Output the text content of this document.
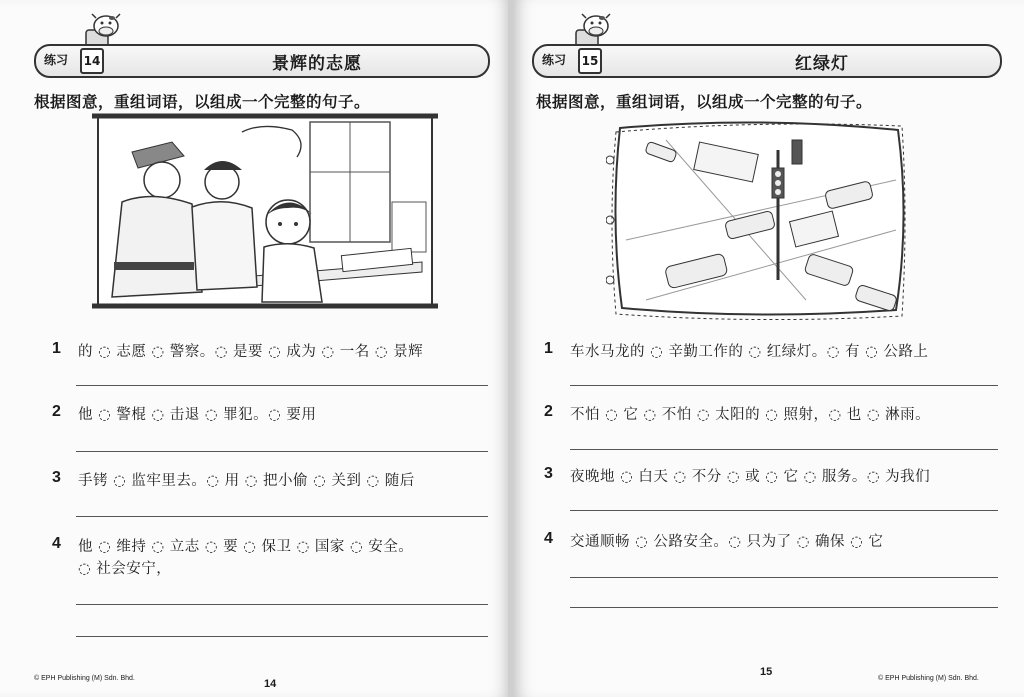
练习	14	景辉的志愿
根据图意，重组词语，以组成一个完整的句子。
1 的 ◌ 志愿 ◌ 警察。◌ 是要 ◌ 成为 ◌ 一名 ◌ 景辉
2 他 ◌ 警棍 ◌ 击退 ◌ 罪犯。◌ 要用
3 手铐 ◌ 监牢里去。◌ 用 ◌ 把小偷 ◌ 关到 ◌ 随后
4 他 ◌ 维持 ◌ 立志 ◌ 要 ◌ 保卫 ◌ 国家 ◌ 安全。
◌ 社会安宁，
© EPH Publishing (M) Sdn. Bhd.	14
练习	15	红绿灯
根据图意，重组词语，以组成一个完整的句子。
1 车水马龙的 ◌ 辛勤工作的 ◌ 红绿灯。◌ 有 ◌ 公路上
2 不怕 ◌ 它 ◌ 不怕 ◌ 太阳的 ◌ 照射，◌ 也 ◌ 淋雨。
3 夜晚地 ◌ 白天 ◌ 不分 ◌ 或 ◌ 它 ◌ 服务。◌ 为我们
4 交通顺畅 ◌ 公路安全。◌ 只为了 ◌ 确保 ◌ 它
15
© EPH Publishing (M) Sdn. Bhd.
